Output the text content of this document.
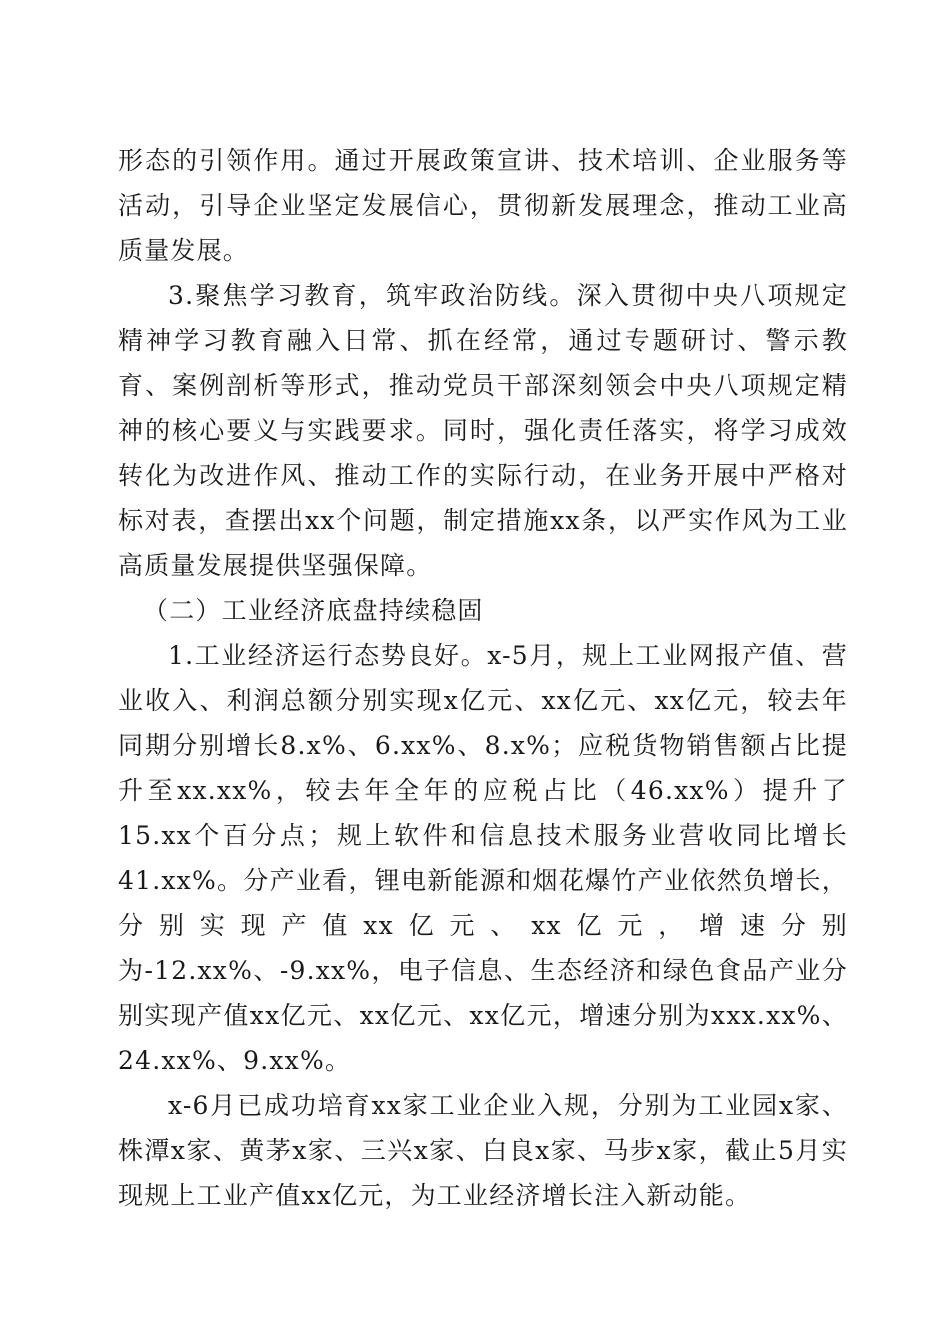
形态的引领作用。通过开展政策宣讲、技术培训、企业服务等活动，引导企业坚定发展信心，贯彻新发展理念，推动工业高质量发展。

3.聚焦学习教育，筑牢政治防线。深入贯彻中央八项规定精神学习教育融入日常、抓在经常，通过专题研讨、警示教育、案例剖析等形式，推动党员干部深刻领会中央八项规定精神的核心要义与实践要求。同时，强化责任落实，将学习成效转化为改进作风、推动工作的实际行动，在业务开展中严格对标对表，查摆出xx个问题，制定措施xx条，以严实作风为工业高质量发展提供坚强保障。

（二）工业经济底盘持续稳固

1.工业经济运行态势良好。x-5月，规上工业网报产值、营业收入、利润总额分别实现x亿元、xx亿元、xx亿元，较去年同期分别增长8.x%、6.xx%、8.x%；应税货物销售额占比提升至xx.xx%，较去年全年的应税占比（46.xx%）提升了15.xx个百分点；规上软件和信息技术服务业营收同比增长41.xx%。分产业看，锂电新能源和烟花爆竹产业依然负增长，分别实现产值xx亿元、xx亿元，增速分别为-12.xx%、-9.xx%，电子信息、生态经济和绿色食品产业分别实现产值xx亿元、xx亿元、xx亿元，增速分别为xxx.xx%、24.xx%、9.xx%。

x-6月已成功培育xx家工业企业入规，分别为工业园x家、株潭x家、黄茅x家、三兴x家、白良x家、马步x家，截止5月实现规上工业产值xx亿元，为工业经济增长注入新动能。
